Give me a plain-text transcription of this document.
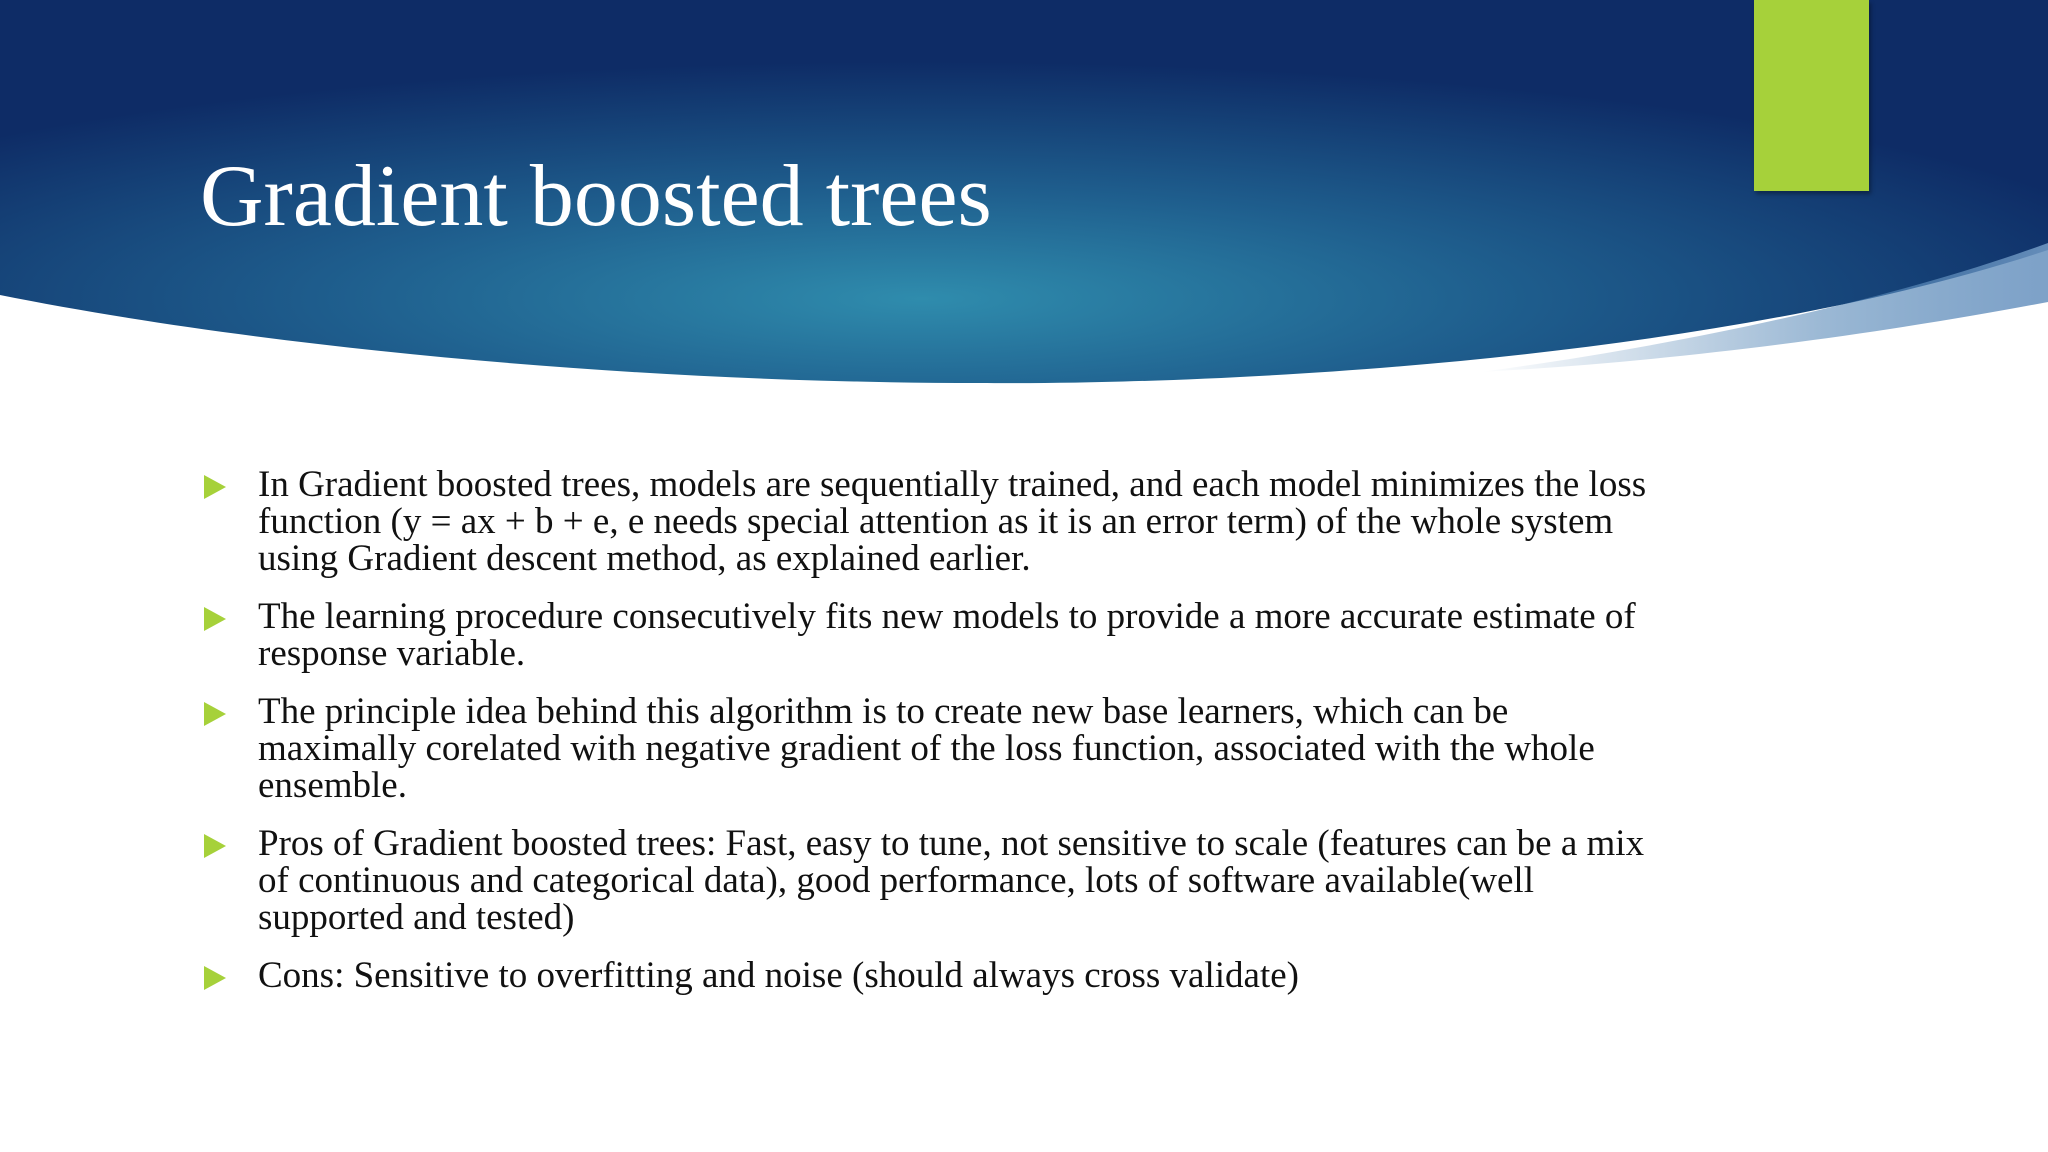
Gradient boosted trees
In Gradient boosted trees, models are sequentially trained, and each model minimizes the loss function (y = ax + b + e, e needs special attention as it is an error term) of the whole system using Gradient descent method, as explained earlier.
The learning procedure consecutively fits new models to provide a more accurate estimate of response variable.
The principle idea behind this algorithm is to create new base learners, which can be maximally corelated with negative gradient of the loss function, associated with the whole ensemble.
Pros of Gradient boosted trees: Fast, easy to tune, not sensitive to scale (features can be a mix of continuous and categorical data), good performance, lots of software available(well supported and tested)
Cons: Sensitive to overfitting and noise (should always cross validate)
